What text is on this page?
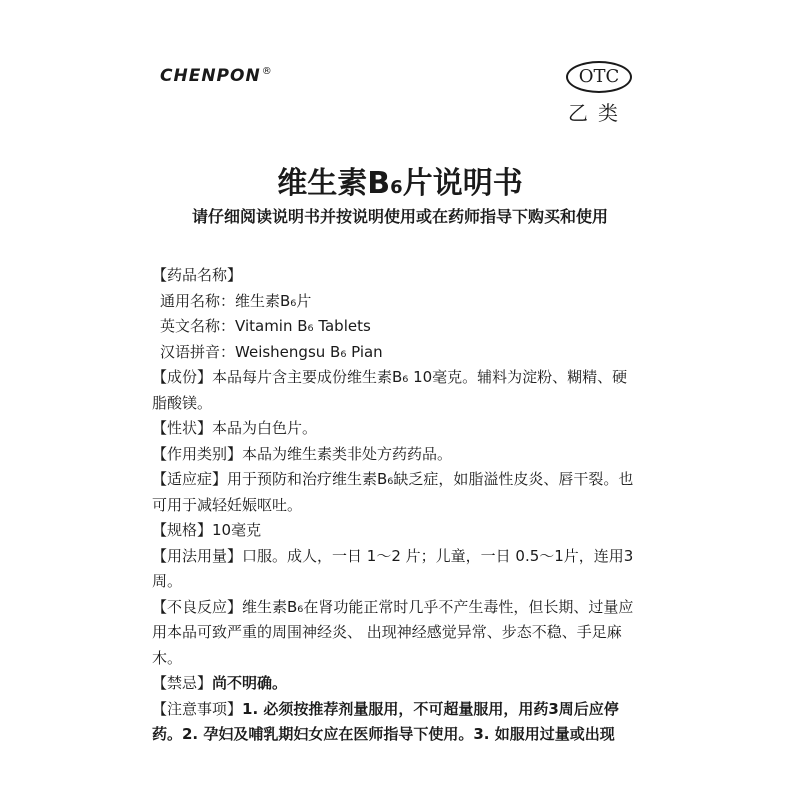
CHENPON®	OTC
乙类
维生素B6片说明书
请仔细阅读说明书并按说明使用或在药师指导下购买和使用
【药品名称】
通用名称：维生素B₆片
英文名称：Vitamin B₆ Tablets
汉语拼音：Weishengsu B₆ Pian
【成份】本品每片含主要成份维生素B₆ 10毫克。辅料为淀粉、糊精、硬脂酸镁。
【性状】本品为白色片。
【作用类别】本品为维生素类非处方药药品。
【适应症】用于预防和治疗维生素B₆缺乏症，如脂溢性皮炎、唇干裂。也可用于减轻妊娠呕吐。
【规格】10毫克
【用法用量】口服。成人，一日 1～2 片；儿童，一日 0.5～1片，连用3周。
【不良反应】维生素B₆在肾功能正常时几乎不产生毒性，但长期、过量应用本品可致严重的周围神经炎、 出现神经感觉异常、步态不稳、手足麻木。
【禁忌】尚不明确。
【注意事项】1. 必须按推荐剂量服用，不可超量服用，用药3周后应停药。2. 孕妇及哺乳期妇女应在医师指导下使用。3. 如服用过量或出现
